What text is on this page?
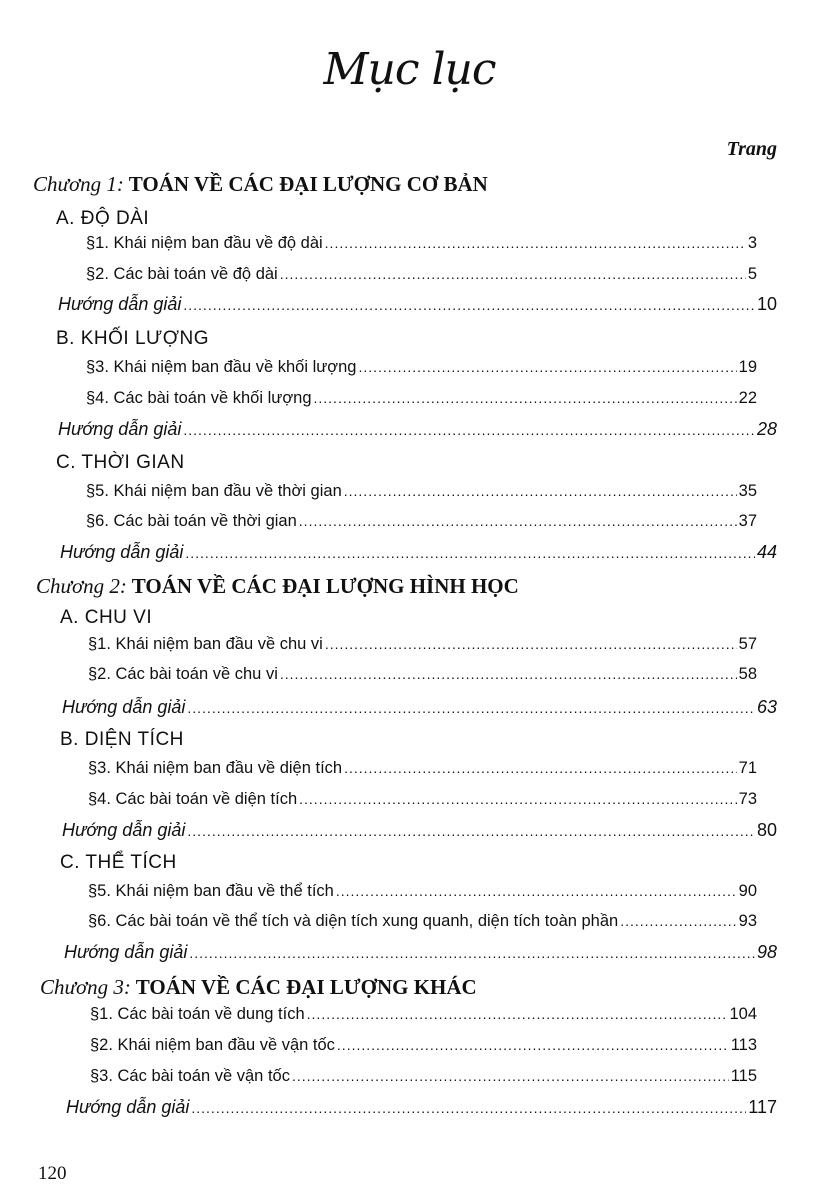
Mục lục
Trang
Chương 1: TOÁN VỀ CÁC ĐẠI LƯỢNG CƠ BẢN
A. ĐỘ DÀI
§1. Khái niệm ban đầu về độ dài .....	3
§2. Các bài toán về độ dài .....	5
Hướng dẫn giải .....	10
B. KHỐI LƯỢNG
§3. Khái niệm ban đầu về khối lượng .....	19
§4. Các bài toán về khối lượng .....	22
Hướng dẫn giải .....	28
C. THỜI GIAN
§5. Khái niệm ban đầu về thời gian .....	35
§6. Các bài toán về thời gian .....	37
Hướng dẫn giải .....	44
Chương 2: TOÁN VỀ CÁC ĐẠI LƯỢNG HÌNH HỌC
A. CHU VI
§1. Khái niệm ban đầu về chu vi .....	57
§2. Các bài toán về chu vi .....	58
Hướng dẫn giải .....	63
B. DIỆN TÍCH
§3. Khái niệm ban đầu về diện tích .....	71
§4. Các bài toán về diện tích .....	73
Hướng dẫn giải .....	80
C. THỂ TÍCH
§5. Khái niệm ban đầu về thể tích .....	90
§6. Các bài toán về thể tích và diện tích xung quanh, diện tích toàn phần .....	93
Hướng dẫn giải .....	98
Chương 3: TOÁN VỀ CÁC ĐẠI LƯỢNG KHÁC
§1. Các bài toán về dung tích .....	104
§2. Khái niệm ban đầu về vận tốc .....	113
§3. Các bài toán về vận tốc .....	115
Hướng dẫn giải .....	117
120
